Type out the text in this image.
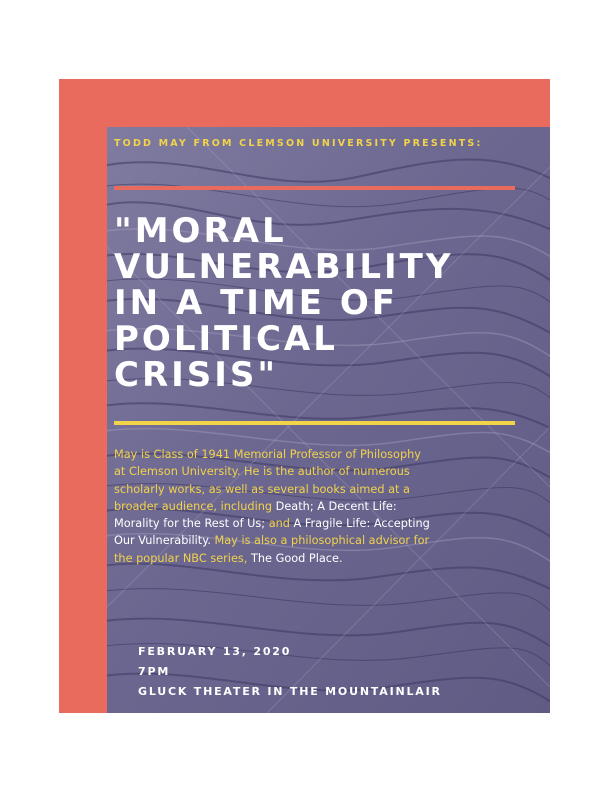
TODD MAY FROM CLEMSON UNIVERSITY PRESENTS:

"MORAL
VULNERABILITY
IN A TIME OF
POLITICAL
CRISIS"

May is Class of 1941 Memorial Professor of Philosophy at Clemson University. He is the author of numerous scholarly works, as well as several books aimed at a broader audience, including Death; A Decent Life: Morality for the Rest of Us; and A Fragile Life: Accepting Our Vulnerability. May is also a philosophical advisor for the popular NBC series, The Good Place.

FEBRUARY 13, 2020
7PM
GLUCK THEATER IN THE MOUNTAINLAIR
